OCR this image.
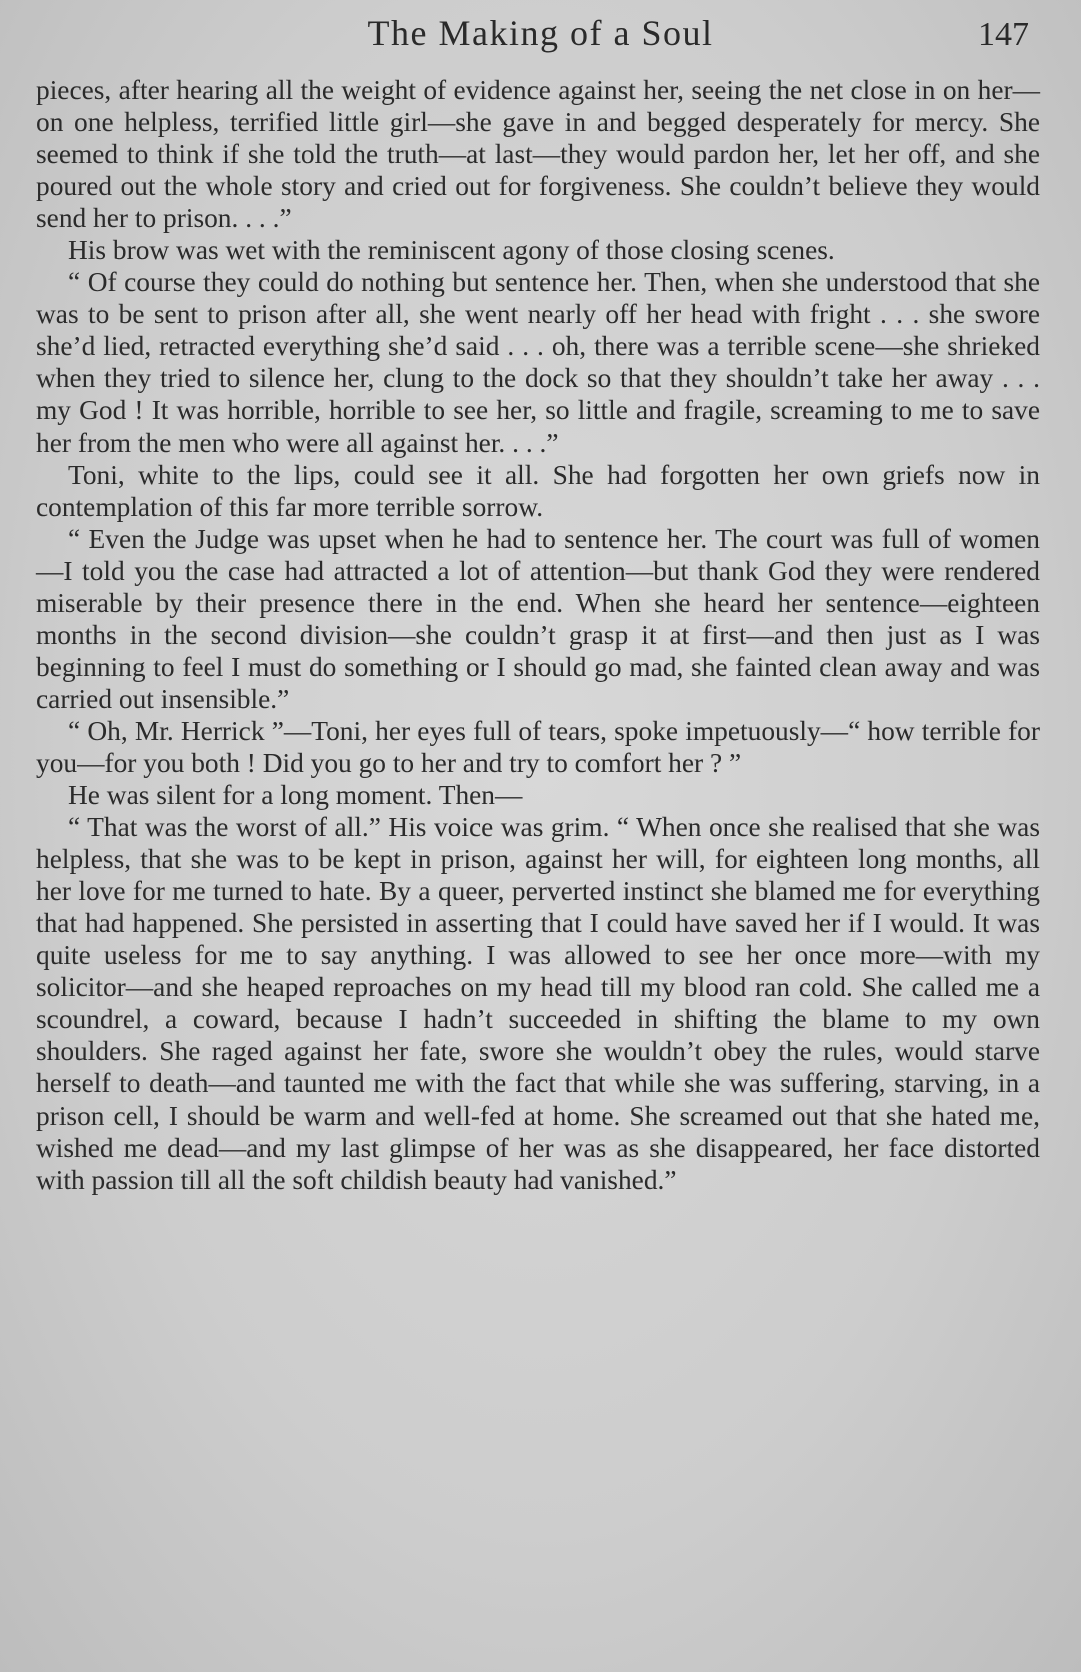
The Making of a Soul	147

pieces, after hearing all the weight of evidence against her, seeing the net close in on her—on one helpless, terrified little girl—she gave in and begged desperately for mercy. She seemed to think if she told the truth—at last—they would pardon her, let her off, and she poured out the whole story and cried out for forgiveness. She couldn’t believe they would send her to prison. . . .”

His brow was wet with the reminiscent agony of those closing scenes.

“ Of course they could do nothing but sentence her. Then, when she understood that she was to be sent to prison after all, she went nearly off her head with fright . . . she swore she’d lied, retracted everything she’d said . . . oh, there was a terrible scene—she shrieked when they tried to silence her, clung to the dock so that they shouldn’t take her away . . . my God ! It was horrible, horrible to see her, so little and fragile, screaming to me to save her from the men who were all against her. . . .”

Toni, white to the lips, could see it all. She had forgotten her own griefs now in contemplation of this far more terrible sorrow.

“ Even the Judge was upset when he had to sentence her. The court was full of women—I told you the case had attracted a lot of attention—but thank God they were rendered miserable by their presence there in the end. When she heard her sentence—eighteen months in the second division—she couldn’t grasp it at first—and then just as I was beginning to feel I must do something or I should go mad, she fainted clean away and was carried out insensible.”

“ Oh, Mr. Herrick ”—Toni, her eyes full of tears, spoke impetuously—“ how terrible for you—for you both ! Did you go to her and try to comfort her ? ”

He was silent for a long moment. Then—

“ That was the worst of all.” His voice was grim. “ When once she realised that she was helpless, that she was to be kept in prison, against her will, for eighteen long months, all her love for me turned to hate. By a queer, perverted instinct she blamed me for everything that had happened. She persisted in asserting that I could have saved her if I would. It was quite useless for me to say anything. I was allowed to see her once more—with my solicitor—and she heaped reproaches on my head till my blood ran cold. She called me a scoundrel, a coward, because I hadn’t succeeded in shifting the blame to my own shoulders. She raged against her fate, swore she wouldn’t obey the rules, would starve herself to death—and taunted me with the fact that while she was suffering, starving, in a prison cell, I should be warm and well-fed at home. She screamed out that she hated me, wished me dead—and my last glimpse of her was as she disappeared, her face distorted with passion till all the soft childish beauty had vanished.”
